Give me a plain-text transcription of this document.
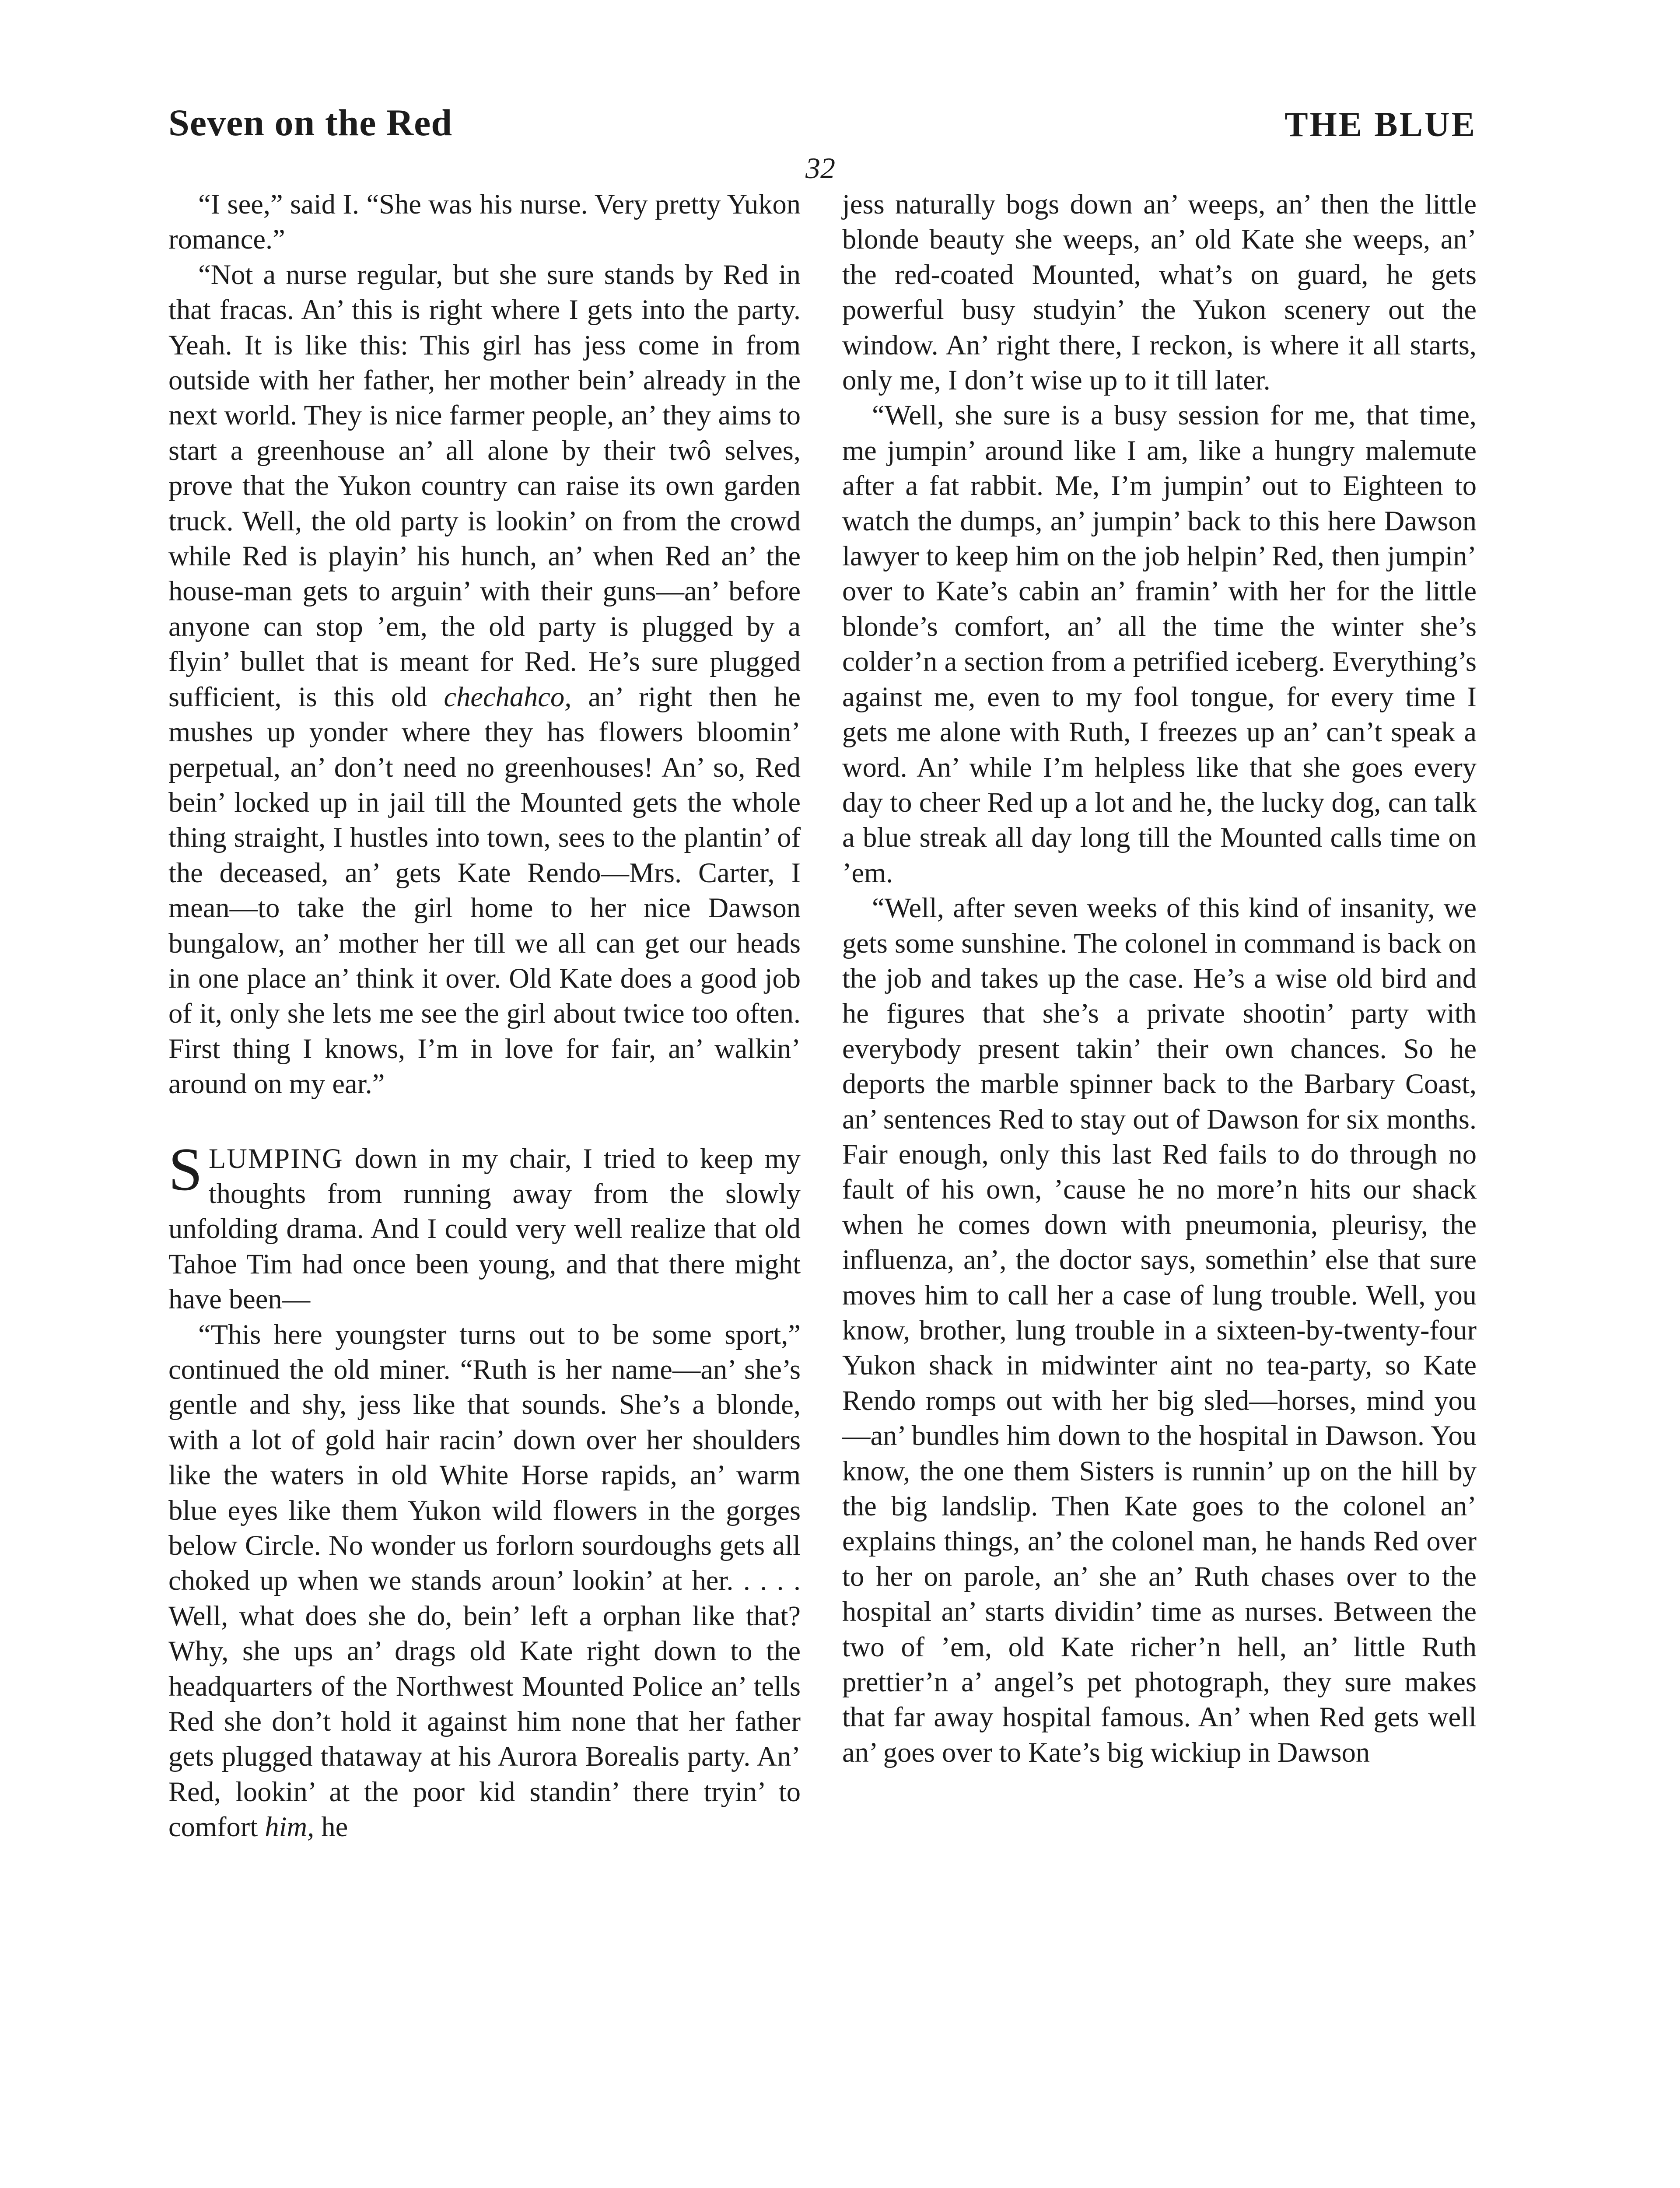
Seven on the Red	THE BLUE
32

“I see,” said I. “She was his nurse. Very pretty Yukon romance.”

“Not a nurse regular, but she sure stands by Red in that fracas. An’ this is right where I gets into the party. Yeah. It is like this: This girl has jess come in from outside with her father, her mother bein’ already in the next world. They is nice farmer people, an’ they aims to start a greenhouse an’ all alone by their twô selves, prove that the Yukon country can raise its own garden truck. Well, the old party is lookin’ on from the crowd while Red is playin’ his hunch, an’ when Red an’ the house-man gets to arguin’ with their guns—an’ before anyone can stop ’em, the old party is plugged by a flyin’ bullet that is meant for Red. He’s sure plugged sufficient, is this old chechahco, an’ right then he mushes up yonder where they has flowers bloomin’ perpetual, an’ don’t need no greenhouses! An’ so, Red bein’ locked up in jail till the Mounted gets the whole thing straight, I hustles into town, sees to the plantin’ of the deceased, an’ gets Kate Rendo—Mrs. Carter, I mean—to take the girl home to her nice Dawson bungalow, an’ mother her till we all can get our heads in one place an’ think it over. Old Kate does a good job of it, only she lets me see the girl about twice too often. First thing I knows, I’m in love for fair, an’ walkin’ around on my ear.”

SLUMPING down in my chair, I tried to keep my thoughts from running away from the slowly unfolding drama. And I could very well realize that old Tahoe Tim had once been young, and that there might have been—

“This here youngster turns out to be some sport,” continued the old miner. “Ruth is her name—an’ she’s gentle and shy, jess like that sounds. She’s a blonde, with a lot of gold hair racin’ down over her shoulders like the waters in old White Horse rapids, an’ warm blue eyes like them Yukon wild flowers in the gorges below Circle. No wonder us forlorn sourdoughs gets all choked up when we stands aroun’ lookin’ at her. . . . . Well, what does she do, bein’ left a orphan like that? Why, she ups an’ drags old Kate right down to the headquarters of the Northwest Mounted Police an’ tells Red she don’t hold it against him none that her father gets plugged thataway at his Aurora Borealis party. An’ Red, lookin’ at the poor kid standin’ there tryin’ to comfort him, he

jess naturally bogs down an’ weeps, an’ then the little blonde beauty she weeps, an’ old Kate she weeps, an’ the red-coated Mounted, what’s on guard, he gets powerful busy studyin’ the Yukon scenery out the window. An’ right there, I reckon, is where it all starts, only me, I don’t wise up to it till later.

“Well, she sure is a busy session for me, that time, me jumpin’ around like I am, like a hungry malemute after a fat rabbit. Me, I’m jumpin’ out to Eighteen to watch the dumps, an’ jumpin’ back to this here Dawson lawyer to keep him on the job helpin’ Red, then jumpin’ over to Kate’s cabin an’ framin’ with her for the little blonde’s comfort, an’ all the time the winter she’s colder’n a section from a petrified iceberg. Everything’s against me, even to my fool tongue, for every time I gets me alone with Ruth, I freezes up an’ can’t speak a word. An’ while I’m helpless like that she goes every day to cheer Red up a lot and he, the lucky dog, can talk a blue streak all day long till the Mounted calls time on ’em.

“Well, after seven weeks of this kind of insanity, we gets some sunshine. The colonel in command is back on the job and takes up the case. He’s a wise old bird and he figures that she’s a private shootin’ party with everybody present takin’ their own chances. So he deports the marble spinner back to the Barbary Coast, an’ sentences Red to stay out of Dawson for six months. Fair enough, only this last Red fails to do through no fault of his own, ’cause he no more’n hits our shack when he comes down with pneumonia, pleurisy, the influenza, an’, the doctor says, somethin’ else that sure moves him to call her a case of lung trouble. Well, you know, brother, lung trouble in a sixteen-by-twenty-four Yukon shack in midwinter aint no tea-party, so Kate Rendo romps out with her big sled—horses, mind you—an’ bundles him down to the hospital in Dawson. You know, the one them Sisters is runnin’ up on the hill by the big landslip. Then Kate goes to the colonel an’ explains things, an’ the colonel man, he hands Red over to her on parole, an’ she an’ Ruth chases over to the hospital an’ starts dividin’ time as nurses. Between the two of ’em, old Kate richer’n hell, an’ little Ruth prettier’n a’ angel’s pet photograph, they sure makes that far away hospital famous. An’ when Red gets well an’ goes over to Kate’s big wickiup in Dawson
